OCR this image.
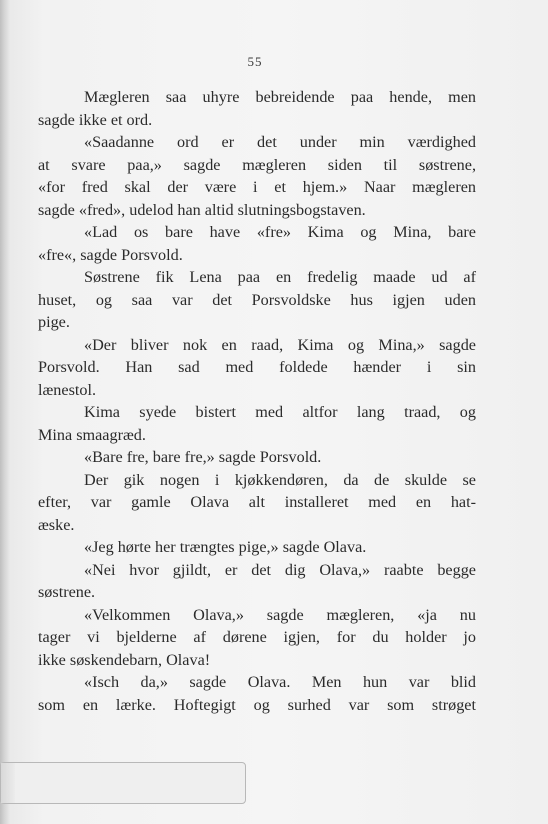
55
Mægleren saa uhyre bebreidende paa hende, men
sagde ikke et ord.
«Saadanne ord er det under min værdighed
at svare paa,» sagde mægleren siden til søstrene,
«for fred skal der være i et hjem.» Naar mægleren
sagde «fred», udelod han altid slutningsbogstaven.
«Lad os bare have «fre» Kima og Mina, bare
«fre«, sagde Porsvold.
Søstrene fik Lena paa en fredelig maade ud af
huset, og saa var det Porsvoldske hus igjen uden
pige.
«Der bliver nok en raad, Kima og Mina,» sagde
Porsvold. Han sad med foldede hænder i sin
lænestol.
Kima syede bistert med altfor lang traad, og
Mina smaagræd.
«Bare fre, bare fre,» sagde Porsvold.
Der gik nogen i kjøkkendøren, da de skulde se
efter, var gamle Olava alt installeret med en hat-
æske.
«Jeg hørte her trængtes pige,» sagde Olava.
«Nei hvor gjildt, er det dig Olava,» raabte begge
søstrene.
«Velkommen Olava,» sagde mægleren, «ja nu
tager vi bjelderne af dørene igjen, for du holder jo
ikke søskendebarn, Olava!
«Isch da,» sagde Olava. Men hun var blid
som en lærke. Hoftegigt og surhed var som strøget
